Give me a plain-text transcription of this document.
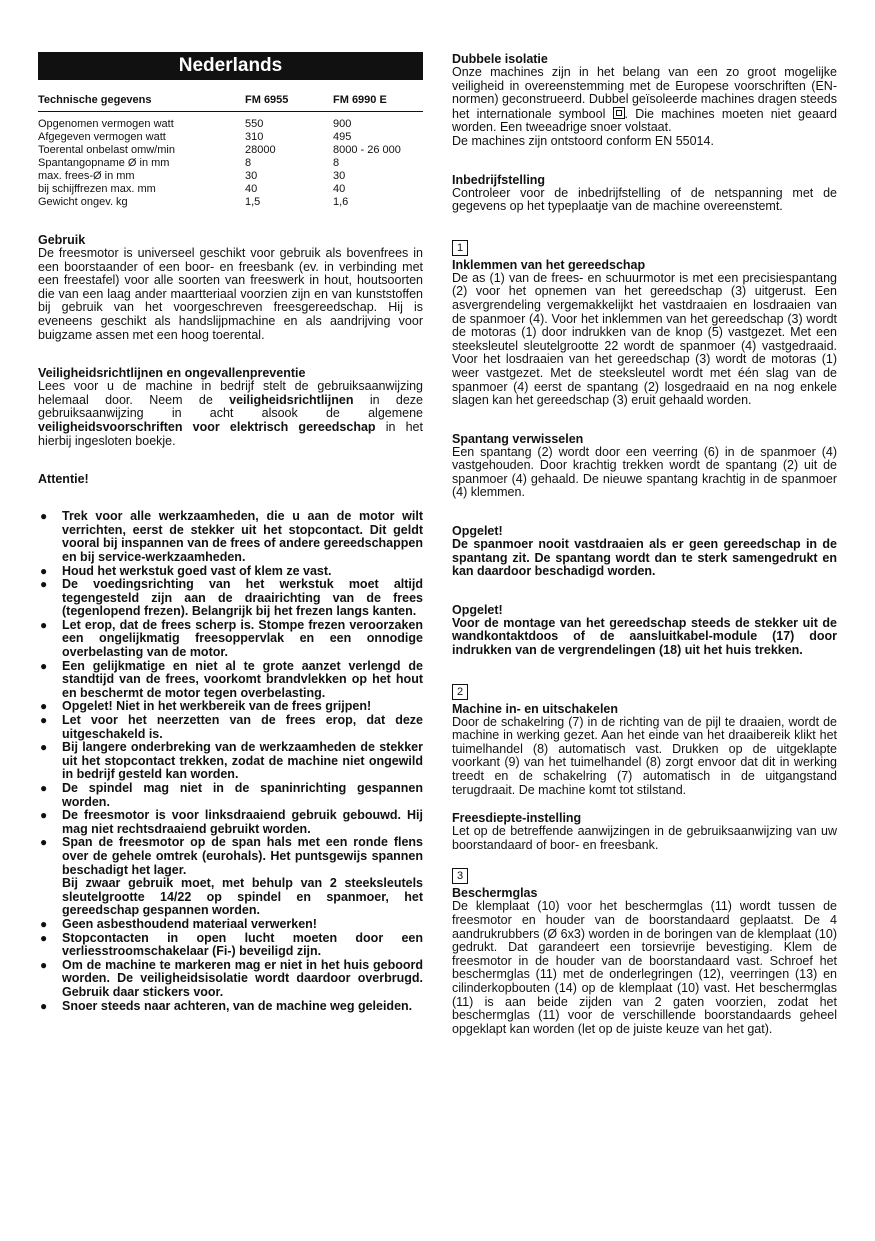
Nederlands
Technische gegevens	FM 6955	FM 6990 E
Opgenomen vermogen watt	550	900
Afgegeven vermogen watt	310	495
Toerental onbelast omw/min	28000	8000 - 26 000
Spantangopname Ø in mm	8	8
max. frees-Ø in mm	30	30
bij schijffrezen max. mm	40	40
Gewicht ongev. kg	1,5	1,6

Gebruik

De freesmotor is universeel geschikt voor gebruik als bovenfrees in een boorstaander of een boor- en freesbank (ev. in verbinding met een freestafel) voor alle soorten van freeswerk in hout, houtsoorten die van een laag ander maartteriaal voorzien zijn en van kunststoffen bij gebruik van het voorgeschreven freesgereedschap. Hij is eveneens geschikt als handslijpmachine en als aandrijving voor buigzame assen met een hoog toerental.

Veiligheidsrichtlijnen en ongevallenpreventie

Lees voor u de machine in bedrijf stelt de gebruiksaanwijzing helemaal door. Neem de veiligheidsrichtlijnen in deze gebruiksaanwijzing in acht alsook de algemene veiligheidsvoorschriften voor elektrisch gereedschap in het hierbij ingesloten boekje.

Attentie!

● Trek voor alle werkzaamheden, die u aan de motor wilt verrichten, eerst de stekker uit het stopcontact. Dit geldt vooral bij inspannen van de frees of andere gereedschappen en bij service-werkzaamheden.
● Houd het werkstuk goed vast of klem ze vast.
● De voedingsrichting van het werkstuk moet altijd tegengesteld zijn aan de draairichting van de frees (tegenlopend frezen). Belangrijk bij het frezen langs kanten.
● Let erop, dat de frees scherp is. Stompe frezen veroorzaken een ongelijkmatig freesoppervlak en een onnodige overbelasting van de motor.
● Een gelijkmatige en niet al te grote aanzet verlengd de standtijd van de frees, voorkomt brandvlekken op het hout en beschermt de motor tegen overbelasting.
● Opgelet! Niet in het werkbereik van de frees grijpen!
● Let voor het neerzetten van de frees erop, dat deze uitgeschakeld is.
● Bij langere onderbreking van de werkzaamheden de stekker uit het stopcontact trekken, zodat de machine niet ongewild in bedrijf gesteld kan worden.
● De spindel mag niet in de spaninrichting gespannen worden.
● De freesmotor is voor linksdraaiend gebruik gebouwd. Hij mag niet rechtsdraaiend gebruikt worden.
● Span de freesmotor op de span hals met een ronde flens over de gehele omtrek (eurohals). Het puntsgewijs spannen beschadigt het lager.
Bij zwaar gebruik moet, met behulp van 2 steeksleutels sleutelgrootte 14/22 op spindel en spanmoer, het gereedschap gespannen worden.
● Geen asbesthoudend materiaal verwerken!
● Stopcontacten in open lucht moeten door een verliesstroomschakelaar (Fi-) beveiligd zijn.
● Om de machine te markeren mag er niet in het huis geboord worden. De veiligheidsisolatie wordt daardoor overbrugd. Gebruik daar stickers voor.
● Snoer steeds naar achteren, van de machine weg geleiden.

Dubbele isolatie

Onze machines zijn in het belang van een zo groot mogelijke veiligheid in overeenstemming met de Europese voorschriften (EN-normen) geconstrueerd. Dubbel geïsoleerde machines dragen steeds het internationale symbool . Die machines moeten niet geaard worden. Een tweeadrige snoer volstaat.

De machines zijn ontstoord conform EN 55014.

Inbedrijfstelling

Controleer voor de inbedrijfstelling of de netspanning met de gegevens op het typeplaatje van de machine overeenstemt.

1

Inklemmen van het gereedschap

De as (1) van de frees- en schuurmotor is met een precisiespantang (2) voor het opnemen van het gereedschap (3) uitgerust. Een asvergrendeling vergemakkelijkt het vastdraaien en losdraaien van de spanmoer (4). Voor het inklemmen van het gereedschap (3) wordt de motoras (1) door indrukken van de knop (5) vastgezet. Met een steeksleutel sleutelgrootte 22 wordt de spanmoer (4) vastgedraaid. Voor het losdraaien van het gereedschap (3) wordt de motoras (1) weer vastgezet. Met de steeksleutel wordt met één slag van de spanmoer (4) eerst de spantang (2) losgedraaid en na nog enkele slagen kan het gereedschap (3) eruit gehaald worden.

Spantang verwisselen

Een spantang (2) wordt door een veerring (6) in de spanmoer (4) vastgehouden. Door krachtig trekken wordt de spantang (2) uit de spanmoer (4) gehaald. De nieuwe spantang krachtig in de spanmoer (4) klemmen.

Opgelet!

De spanmoer nooit vastdraaien als er geen gereedschap in de spantang zit. De spantang wordt dan te sterk samengedrukt en kan daardoor beschadigd worden.

Opgelet!

Voor de montage van het gereedschap steeds de stekker uit de wandkontaktdoos of de aansluitkabel-module (17) door indrukken van de vergrendelingen (18) uit het huis trekken.

2

Machine in- en uitschakelen

Door de schakelring (7) in de richting van de pijl te draaien, wordt de machine in werking gezet. Aan het einde van het draaibereik klikt het tuimelhandel (8) automatisch vast. Drukken op de uitgeklapte voorkant (9) van het tuimelhandel (8) zorgt envoor dat dit in werking treedt en de schakelring (7) automatisch in de uitgangstand terugdraait. De machine komt tot stilstand.

Freesdiepte-instelling

Let op de betreffende aanwijzingen in de gebruiksaanwijzing van uw boorstandaard of boor- en freesbank.

3

Beschermglas

De klemplaat (10) voor het beschermglas (11) wordt tussen de freesmotor en houder van de boorstandaard geplaatst. De 4 aandrukrubbers (Ø 6x3) worden in de boringen van de klemplaat (10) gedrukt. Dat garandeert een torsievrije bevestiging. Klem de freesmotor in de houder van de boorstandaard vast. Schroef het beschermglas (11) met de onderlegringen (12), veerringen (13) en cilinderkopbouten (14) op de klemplaat (10) vast. Het beschermglas (11) is aan beide zijden van 2 gaten voorzien, zodat het beschermglas (11) voor de verschillende boorstandaards geheel opgeklapt kan worden (let op de juiste keuze van het gat).
